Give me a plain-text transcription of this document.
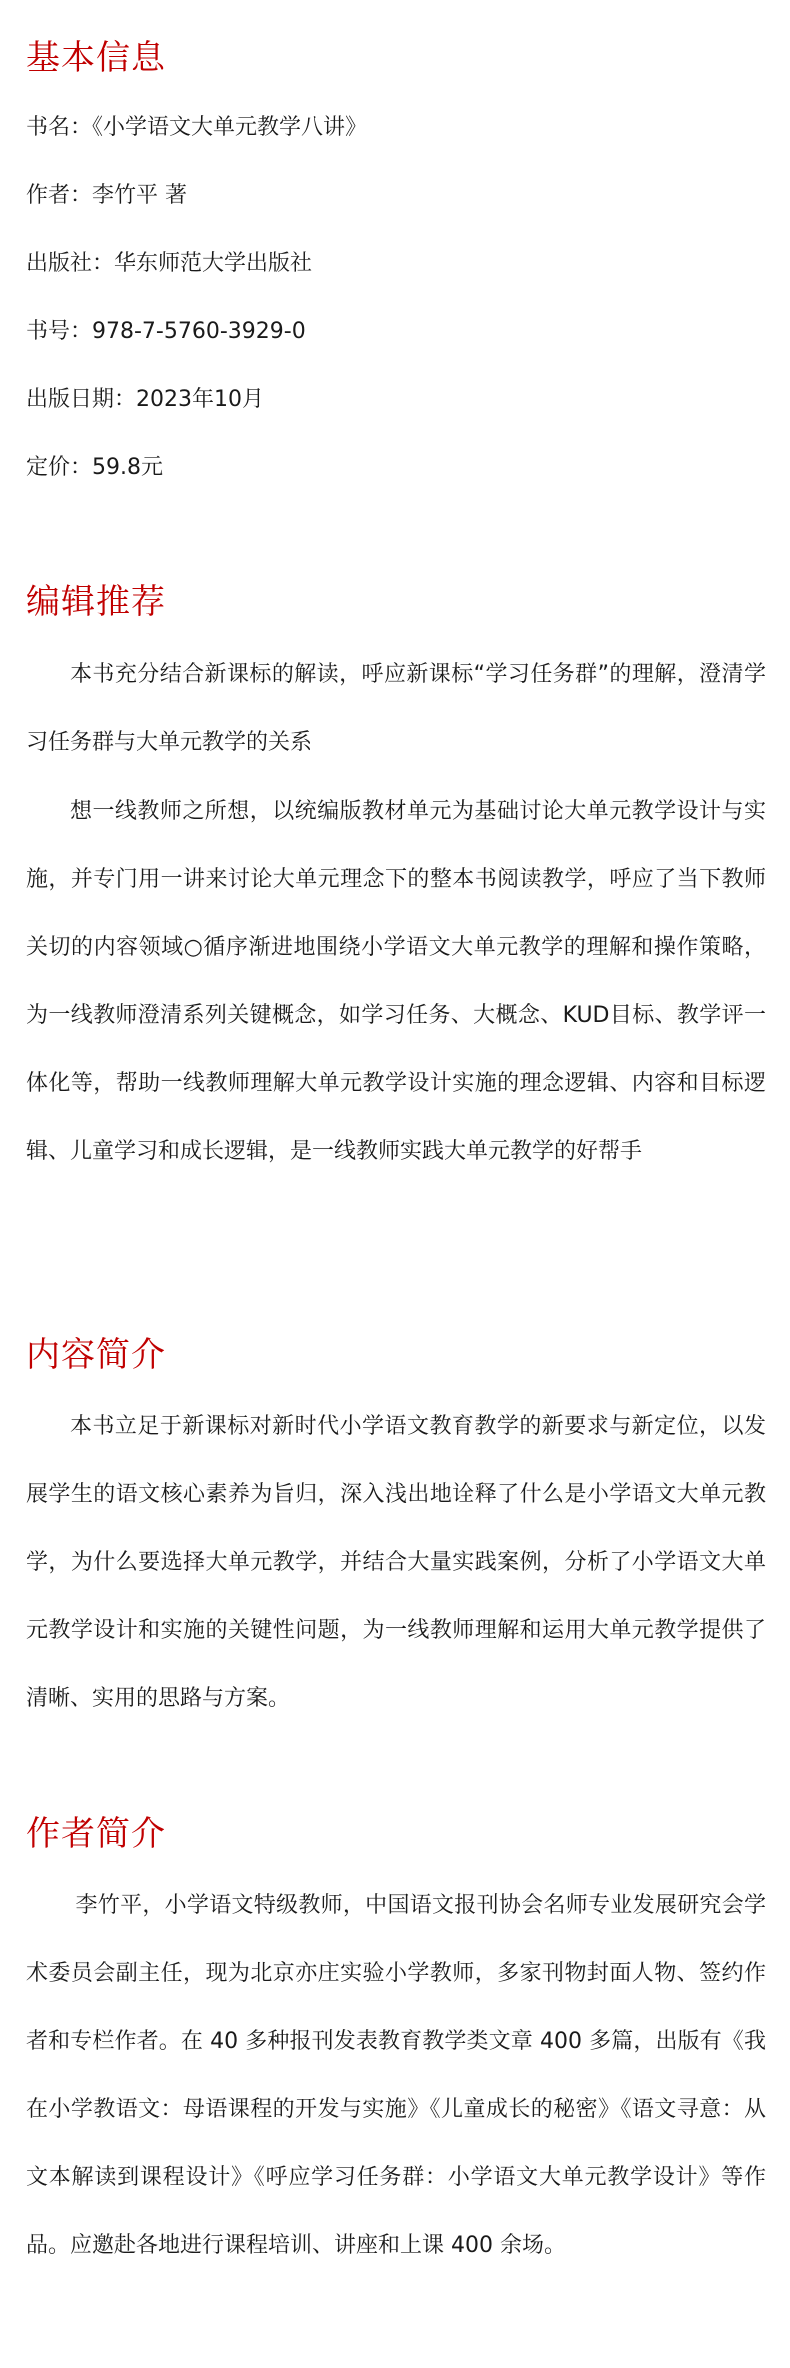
基本信息

书名：《小学语文大单元教学八讲》

作者：李竹平 著

出版社：华东师范大学出版社

书号：978-7-5760-3929-0

出版日期：2023年10月

定价：59.8元

编辑推荐

本书充分结合新课标的解读，呼应新课标“学习任务群”的理解，澄清学习任务群与大单元教学的关系

想一线教师之所想，以统编版教材单元为基础讨论大单元教学设计与实施，并专门用一讲来讨论大单元理念下的整本书阅读教学，呼应了当下教师关切的内容领域○循序渐进地围绕小学语文大单元教学的理解和操作策略，为一线教师澄清系列关键概念，如学习任务、大概念、KUD目标、教学评一体化等，帮助一线教师理解大单元教学设计实施的理念逻辑、内容和目标逻辑、儿童学习和成长逻辑，是一线教师实践大单元教学的好帮手

内容简介

本书立足于新课标对新时代小学语文教育教学的新要求与新定位，以发展学生的语文核心素养为旨归，深入浅出地诠释了什么是小学语文大单元教学，为什么要选择大单元教学，并结合大量实践案例，分析了小学语文大单元教学设计和实施的关键性问题，为一线教师理解和运用大单元教学提供了清晰、实用的思路与方案。

作者简介

李竹平，小学语文特级教师，中国语文报刊协会名师专业发展研究会学术委员会副主任，现为北京亦庄实验小学教师，多家刊物封面人物、签约作者和专栏作者。在 40 多种报刊发表教育教学类文章 400 多篇，出版有《我在小学教语文：母语课程的开发与实施》《儿童成长的秘密》《语文寻意：从文本解读到课程设计》《呼应学习任务群：小学语文大单元教学设计》等作品。应邀赴各地进行课程培训、讲座和上课 400 余场。
